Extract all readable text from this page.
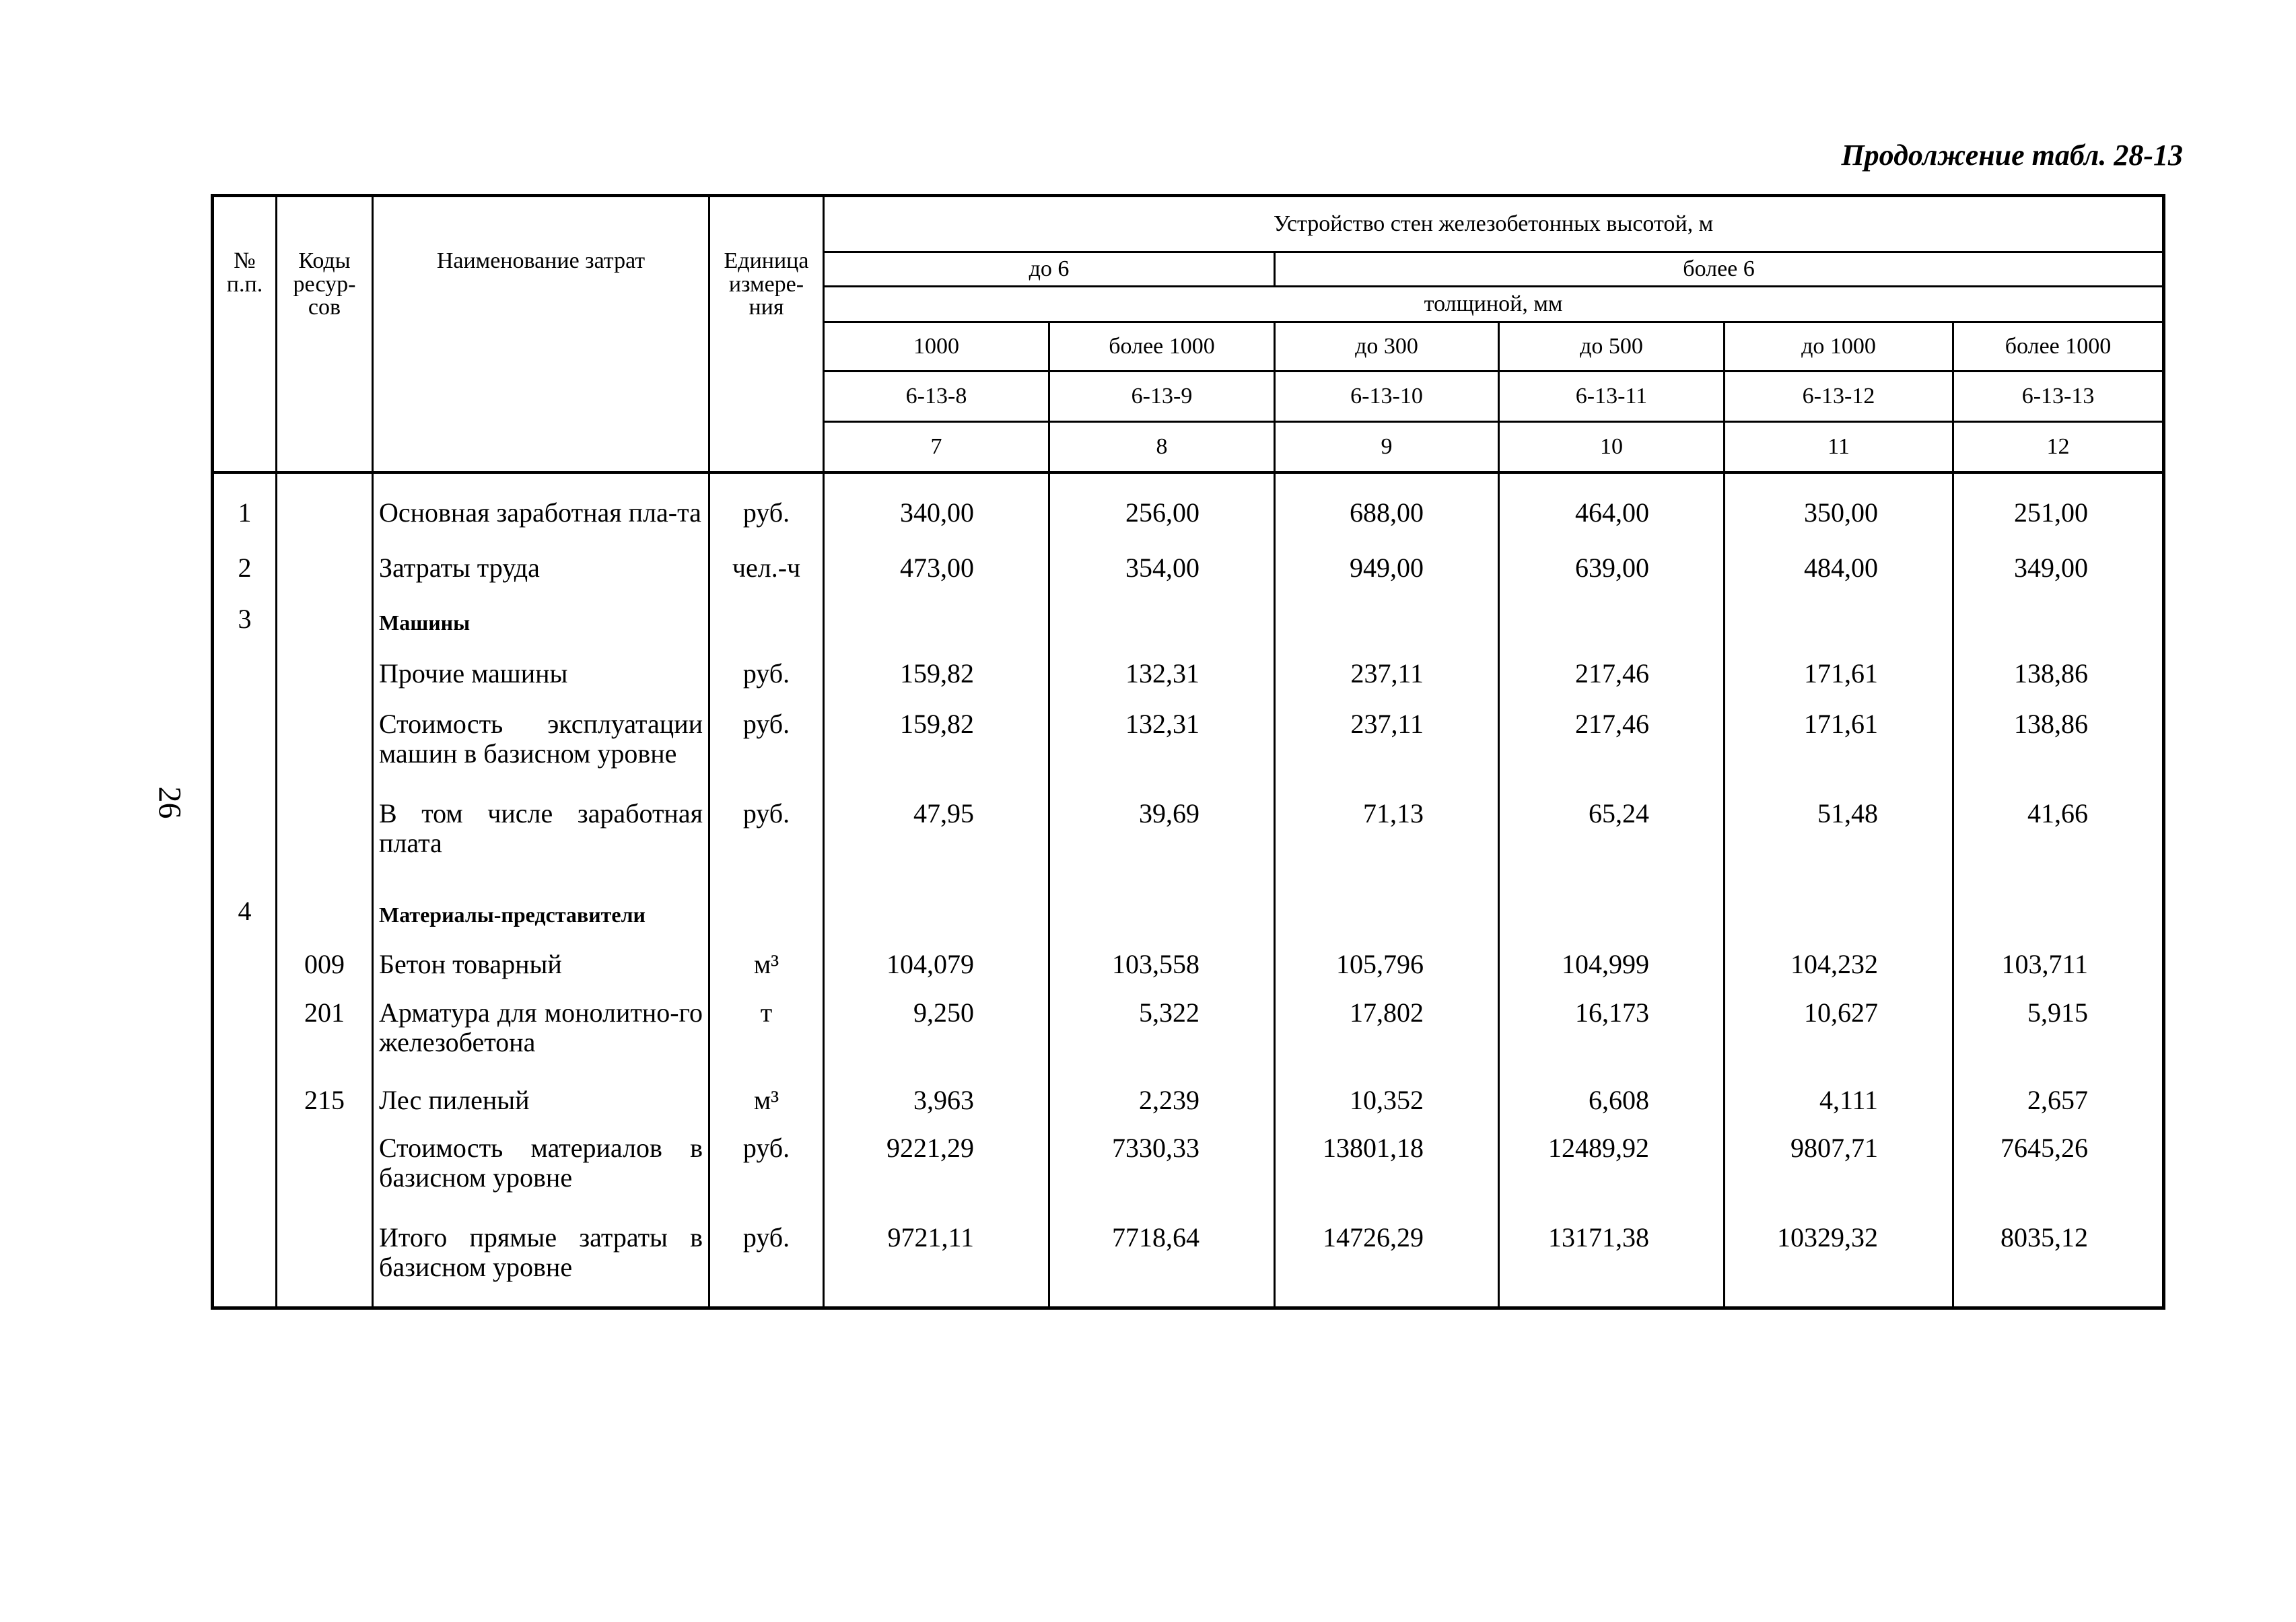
Продолжение табл. 28-13
26
№ п.п.	Коды ресур-сов	Наименование затрат	Единица измере-ния	Устройство стен железобетонных высотой, м					
				до 6		более 6			
				толщиной, мм					
				1000	более 1000	до 300	до 500	до 1000	более 1000
				6-13-8	6-13-9	6-13-10	6-13-11	6-13-12	6-13-13
				7	8	9	10	11	12
1		Основная заработная пла-та	руб.	340,00	256,00	688,00	464,00	350,00	251,00
2		Затраты труда	чел.-ч	473,00	354,00	949,00	639,00	484,00	349,00
3		Машины							
		Прочие машины	руб.	159,82	132,31	237,11	217,46	171,61	138,86
		Стоимость эксплуатации машин в базисном уровне	руб.	159,82	132,31	237,11	217,46	171,61	138,86
		В том числе заработная плата	руб.	47,95	39,69	71,13	65,24	51,48	41,66
4		Материалы-представители							
	009	Бетон товарный	м³	104,079	103,558	105,796	104,999	104,232	103,711
	201	Арматура для монолитно-го железобетона	т	9,250	5,322	17,802	16,173	10,627	5,915
	215	Лес пиленый	м³	3,963	2,239	10,352	6,608	4,111	2,657
		Стоимость материалов в базисном уровне	руб.	9221,29	7330,33	13801,18	12489,92	9807,71	7645,26
		Итого прямые затраты в базисном уровне	руб.	9721,11	7718,64	14726,29	13171,38	10329,32	8035,12
